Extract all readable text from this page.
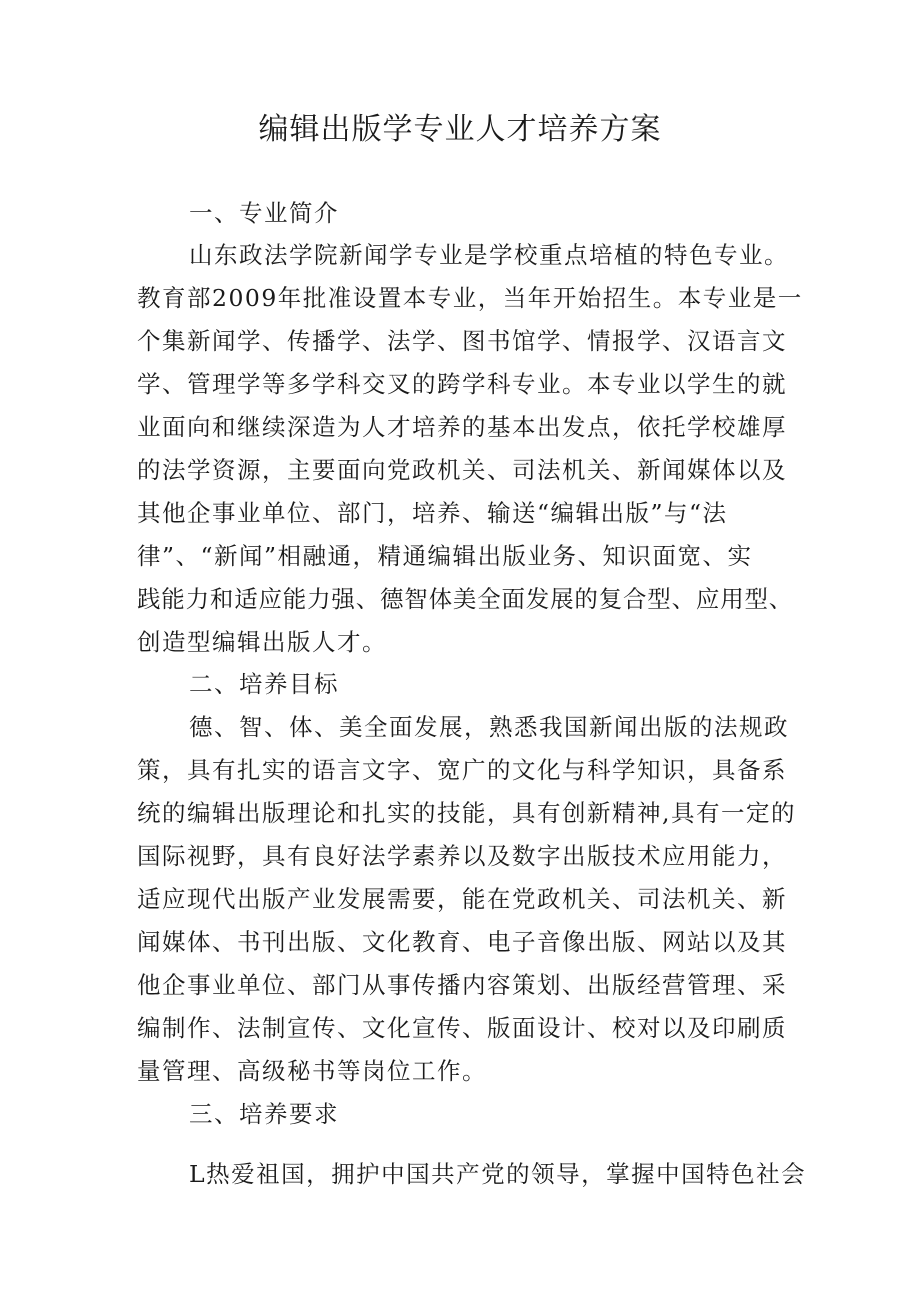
编辑出版学专业人才培养方案
一、专业简介
山东政法学院新闻学专业是学校重点培植的特色专业。
教育部2009年批准设置本专业，当年开始招生。本专业是一
个集新闻学、传播学、法学、图书馆学、情报学、汉语言文
学、管理学等多学科交叉的跨学科专业。本专业以学生的就
业面向和继续深造为人才培养的基本出发点，依托学校雄厚
的法学资源，主要面向党政机关、司法机关、新闻媒体以及
其他企事业单位、部门，培养、输送“编辑出版”与“法
律”、“新闻”相融通，精通编辑出版业务、知识面宽、实
践能力和适应能力强、德智体美全面发展的复合型、应用型、
创造型编辑出版人才。
二、培养目标
德、智、体、美全面发展，熟悉我国新闻出版的法规政
策，具有扎实的语言文字、宽广的文化与科学知识，具备系
统的编辑出版理论和扎实的技能，具有创新精神,具有一定的
国际视野，具有良好法学素养以及数字出版技术应用能力，
适应现代出版产业发展需要，能在党政机关、司法机关、新
闻媒体、书刊出版、文化教育、电子音像出版、网站以及其
他企事业单位、部门从事传播内容策划、出版经营管理、采
编制作、法制宣传、文化宣传、版面设计、校对以及印刷质
量管理、高级秘书等岗位工作。
三、培养要求
L热爱祖国，拥护中国共产党的领导，掌握中国特色社会
